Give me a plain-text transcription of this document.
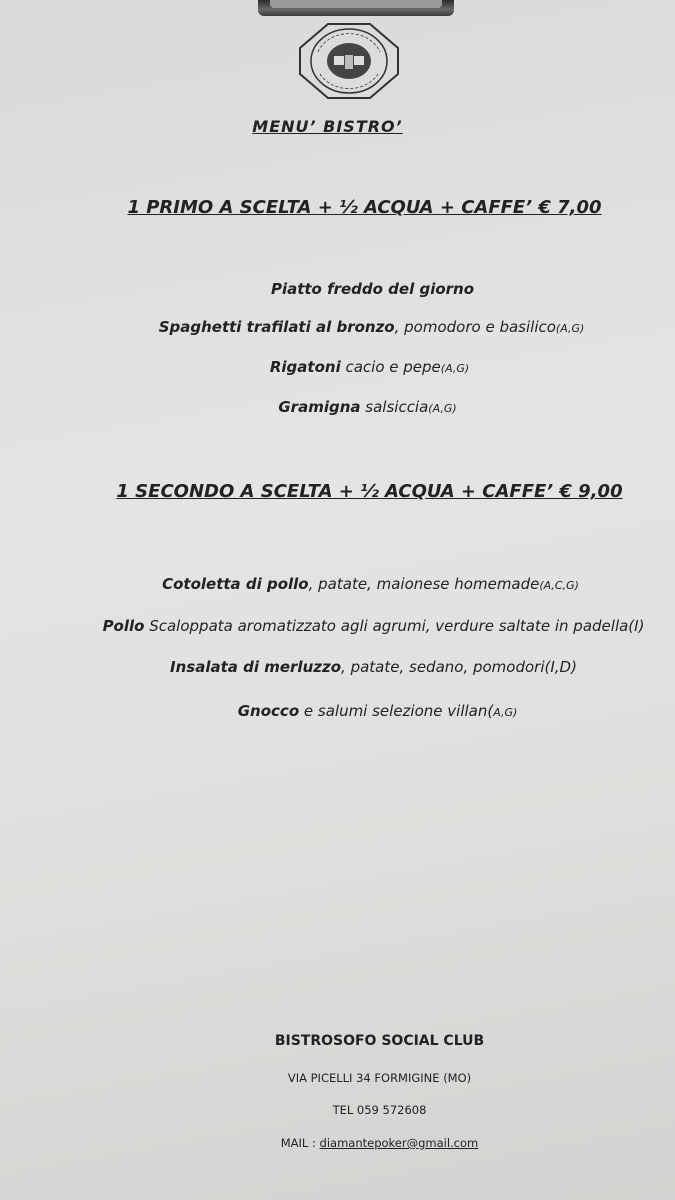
MENU’ BISTRO’
1 PRIMO A SCELTA + ½ ACQUA + CAFFE’ € 7,00
Piatto freddo del giorno
Spaghetti trafilati al bronzo, pomodoro e basilico(A,G)
Rigatoni cacio e pepe(A,G)
Gramigna salsiccia(A,G)
1 SECONDO A SCELTA + ½ ACQUA + CAFFE’ € 9,00
Cotoletta di pollo, patate, maionese homemade(A,C,G)
Pollo Scaloppata aromatizzato agli agrumi, verdure saltate in padella(I)
Insalata di merluzzo, patate, sedano, pomodori(I,D)
Gnocco e salumi selezione villan(A,G)
BISTROSOFO SOCIAL CLUB
VIA PICELLI 34 FORMIGINE (MO)
TEL 059 572608
MAIL : diamantepoker@gmail.com
